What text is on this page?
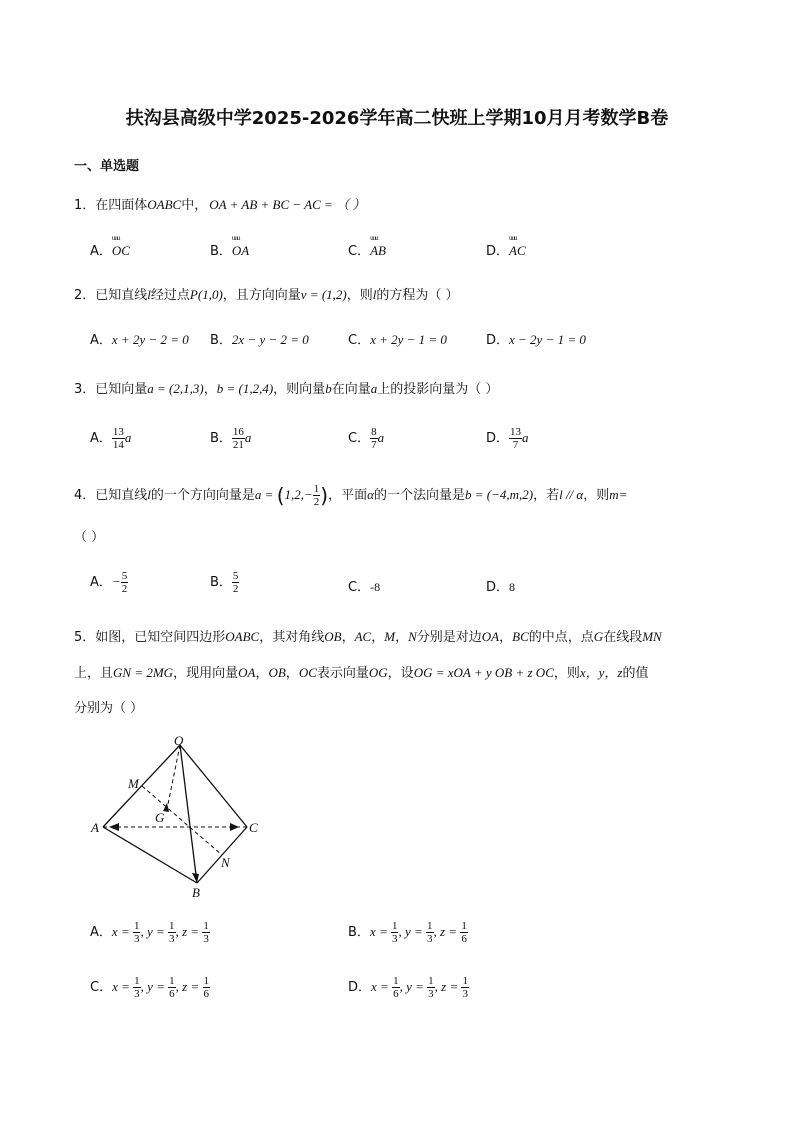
扶沟县高级中学2025-2026学年高二快班上学期10月月考数学B卷
一、单选题
1．在四面体OABC中， OA + AB + BC − AC = （ ）
A．uuu OC	B．uuu OA	C．uuu AB	D．uuu AC
2．已知直线l经过点P(1,0)，且方向向量v = (1,2)，则l的方程为（ ）
A．x + 2y − 2 = 0 B．2x − y − 2 = 0	C．x + 2y − 1 = 0	D．x − 2y − 1 = 0
3．已知向量a = (2,1,3)，b = (1,2,4)，则向量b在向量a上的投影向量为（ ）
A． $\frac{13}{14}$ a	B． $\frac{16}{21}$ a	C． $\frac{8}{7}$ a	D． $\frac{13}{7}$ a
4．已知直线l的一个方向向量是$a = (1,2,- \frac{1}{2}$ )，平面α的一个法向量是b = (−4,m,2)，若l // α，则m=
（ ）
A．− $\frac{5}{2}$	B． $\frac{5}{2}$	C．-8	D．8
5．如图，已知空间四边形OABC，其对角线OB，AC，M，N分别是对边OA，BC的中点，点G在线段MN
上，且GN = 2MG，现用向量OA，OB，OC表示向量OG，设OG = xOA + y OB + z OC，则x，y，z的值
分别为（ ）
O
M
G
A	C
N
B
A．$x = \frac{1}{3}$ , $y = \frac{1}{3}$ , $z = \frac{1}{3}$	B．$x = \frac{1}{3}$ , $y = \frac{1}{3}$ , $z = \frac{1}{6}$
C．$x = \frac{1}{3}$ , $y = \frac{1}{6}$ , $z = \frac{1}{6}$	D．$x = \frac{1}{6}$ , $y = \frac{1}{3}$ , $z = \frac{1}{3}$
